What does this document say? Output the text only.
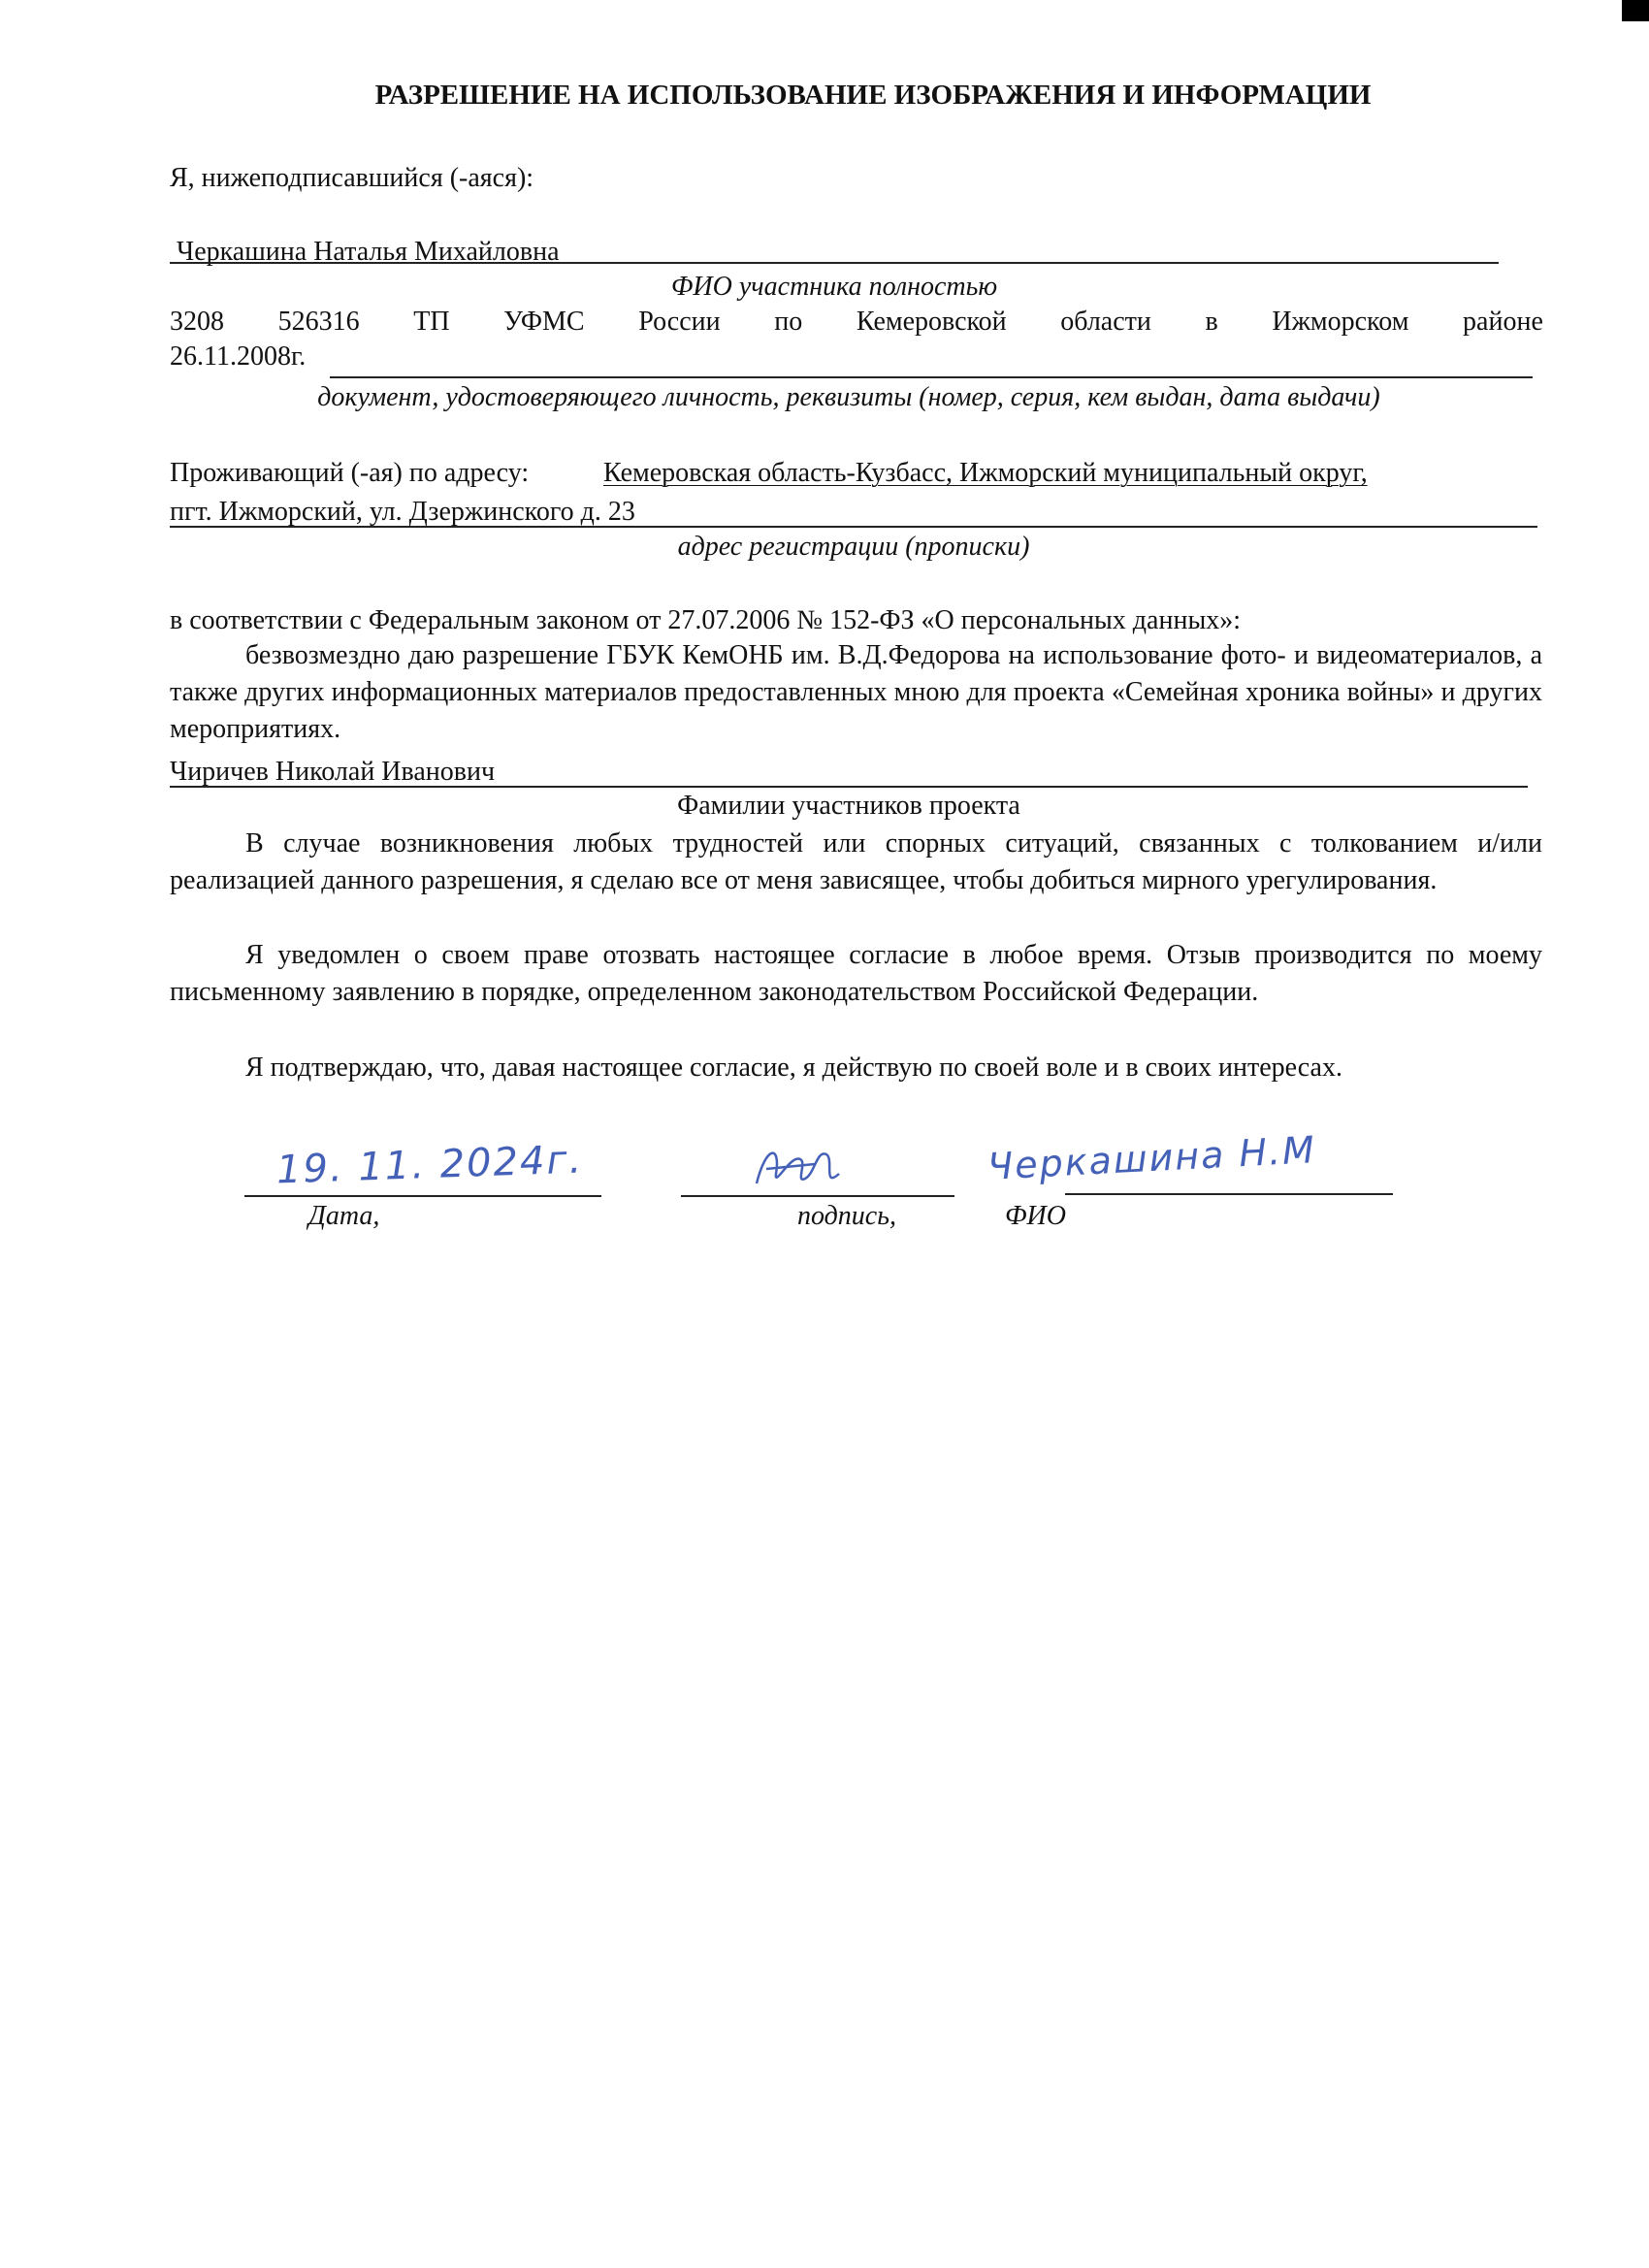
РАЗРЕШЕНИЕ НА ИСПОЛЬЗОВАНИЕ ИЗОБРАЖЕНИЯ И ИНФОРМАЦИИ
Я, нижеподписавшийся (-аяся):
Черкашина Наталья Михайловна
ФИО участника полностью
3208 526316 ТП УФМС России по Кемеровской области в Ижморском районе
26.11.2008г.
документ, удостоверяющего личность, реквизиты (номер, серия, кем выдан, дата выдачи)
Проживающий (-ая) по адресу:	Кемеровская область-Кузбасс, Ижморский муниципальный округ,
пгт. Ижморский, ул. Дзержинского д. 23
адрес регистрации (прописки)
в соответствии с Федеральным законом от 27.07.2006 № 152-ФЗ «О персональных данных»:
безвозмездно даю разрешение ГБУК КемОНБ им. В.Д.Федорова на использование фото- и видеоматериалов, а также других информационных материалов предоставленных мною для проекта «Семейная хроника войны» и других мероприятиях.
Чиричев Николай Иванович
Фамилии участников проекта
В случае возникновения любых трудностей или спорных ситуаций, связанных с толкованием и/или реализацией данного разрешения, я сделаю все от меня зависящее, чтобы добиться мирного урегулирования.
Я уведомлен о своем праве отозвать настоящее согласие в любое время. Отзыв производится по моему письменному заявлению в порядке, определенном законодательством Российской Федерации.
Я подтверждаю, что, давая настоящее согласие, я действую по своей воле и в своих интересах.
19. 11. 2024г.
Дата,	подпись,
Черкашина Н.М
ФИО
